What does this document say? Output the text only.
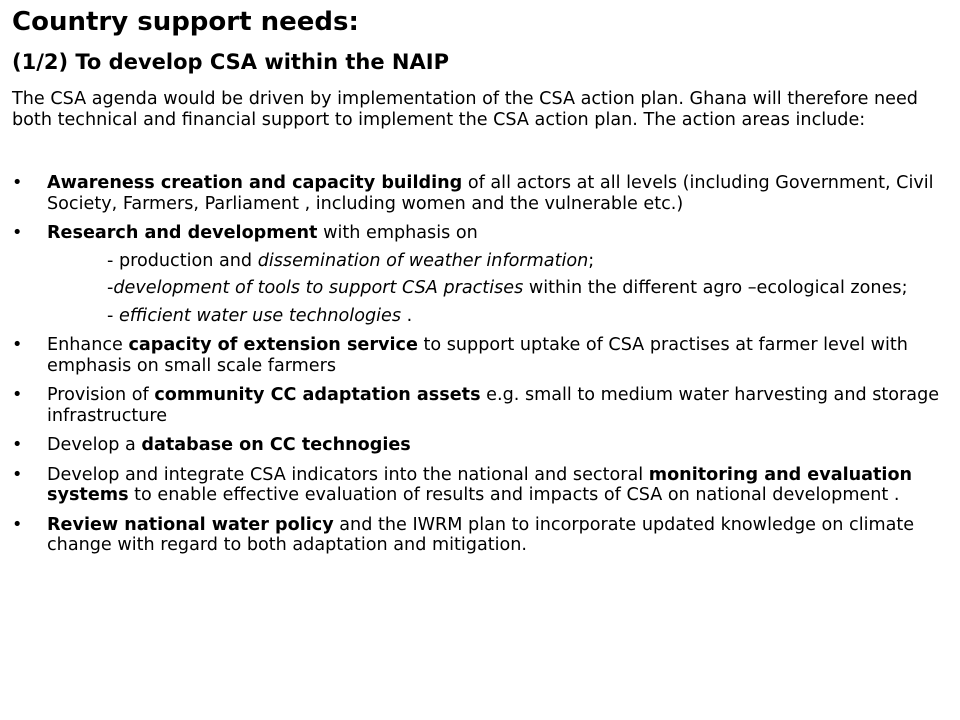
Country support needs:
(1/2) To develop CSA within the NAIP

The CSA agenda would be driven by implementation of the CSA action plan. Ghana will therefore need both technical and financial support to implement the CSA action plan. The action areas include:

• Awareness creation and capacity building of all actors at all levels (including Government, Civil Society, Farmers, Parliament , including women and the vulnerable etc.)
• Research and development with emphasis on
- production and dissemination of weather information;
-development of tools to support CSA practises within the different agro –ecological zones;
- efficient water use technologies .
• Enhance capacity of extension service to support uptake of CSA practises at farmer level with emphasis on small scale farmers
• Provision of community CC adaptation assets e.g. small to medium water harvesting and storage infrastructure
• Develop a database on CC technogies
• Develop and integrate CSA indicators into the national and sectoral monitoring and evaluation systems to enable effective evaluation of results and impacts of CSA on national development .
• Review national water policy and the IWRM plan to incorporate updated knowledge on climate change with regard to both adaptation and mitigation.
